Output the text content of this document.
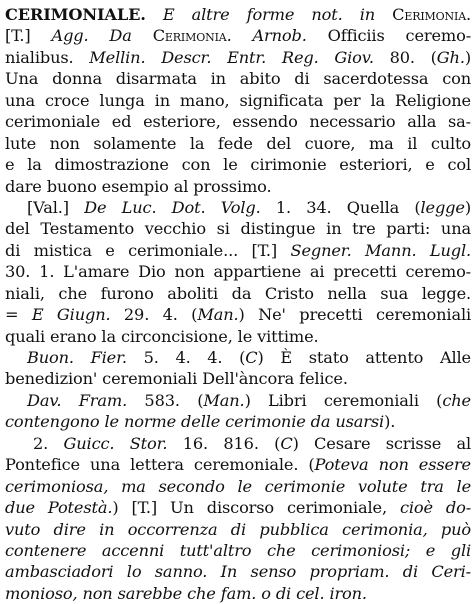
CERIMONIALE. E altre forme not. in Cerimonia.
[T.] Agg. Da Cerimonia. Arnob. Officiis ceremo-
nialibus. Mellin. Descr. Entr. Reg. Giov. 80. (Gh.)
Una donna disarmata in abito di sacerdotessa con
una croce lunga in mano, significata per la Religione
cerimoniale ed esteriore, essendo necessario alla sa-
lute non solamente la fede del cuore, ma il culto
e la dimostrazione con le cirimonie esteriori, e col
dare buono esempio al prossimo.
[Val.] De Luc. Dot. Volg. 1. 34. Quella (legge)
del Testamento vecchio si distingue in tre parti: una
di mistica e cerimoniale... [T.] Segner. Mann. Lugl.
30. 1. L'amare Dio non appartiene ai precetti ceremo-
niali, che furono aboliti da Cristo nella sua legge.
= E Giugn. 29. 4. (Man.) Ne' precetti ceremoniali
quali erano la circoncisione, le vittime.
Buon. Fier. 5. 4. 4. (C) È stato attento Alle
benedizion' ceremoniali Dell'àncora felice.
Dav. Fram. 583. (Man.) Libri ceremoniali (che
contengono le norme delle cerimonie da usarsi).
2. Guicc. Stor. 16. 816. (C) Cesare scrisse al
Pontefice una lettera ceremoniale. (Poteva non essere
cerimoniosa, ma secondo le cerimonie volute tra le
due Potestà.) [T.] Un discorso cerimoniale, cioè do-
vuto dire in occorrenza di pubblica cerimonia, può
contenere accenni tutt'altro che cerimoniosi; e gli
ambasciadori lo sanno. In senso propriam. di Ceri-
monioso, non sarebbe che fam. o di cel. iron.
